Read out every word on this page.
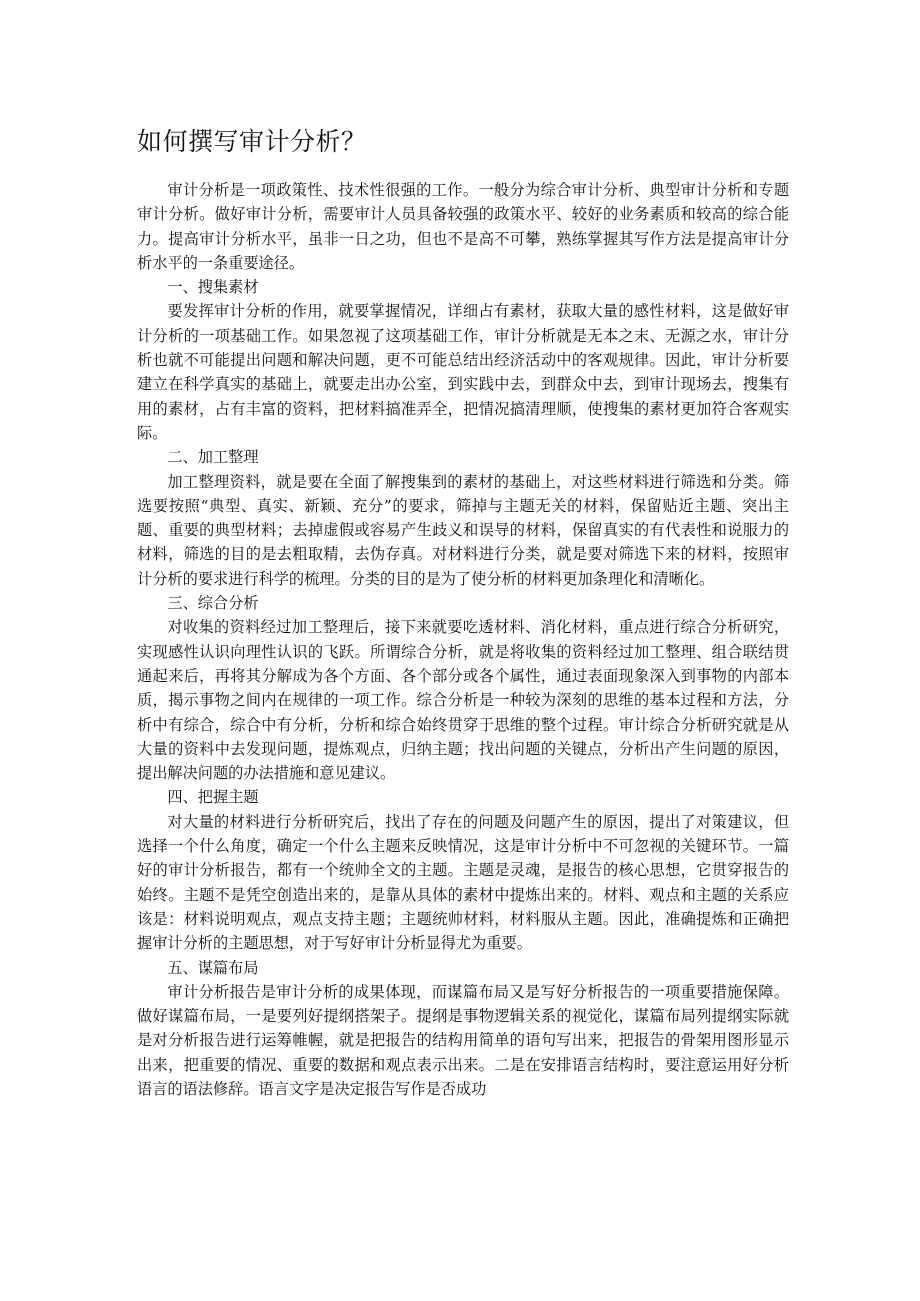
如何撰写审计分析？

审计分析是一项政策性、技术性很强的工作。一般分为综合审计分析、典型审计分析和专题审计分析。做好审计分析，需要审计人员具备较强的政策水平、较好的业务素质和较高的综合能力。提高审计分析水平，虽非一日之功，但也不是高不可攀，熟练掌握其写作方法是提高审计分析水平的一条重要途径。

一、搜集素材

要发挥审计分析的作用，就要掌握情况，详细占有素材，获取大量的感性材料，这是做好审计分析的一项基础工作。如果忽视了这项基础工作，审计分析就是无本之末、无源之水，审计分析也就不可能提出问题和解决问题，更不可能总结出经济活动中的客观规律。因此，审计分析要建立在科学真实的基础上，就要走出办公室，到实践中去，到群众中去，到审计现场去，搜集有用的素材，占有丰富的资料，把材料搞准弄全，把情况搞清理顺，使搜集的素材更加符合客观实际。

二、加工整理

加工整理资料，就是要在全面了解搜集到的素材的基础上，对这些材料进行筛选和分类。筛选要按照“典型、真实、新颖、充分”的要求，筛掉与主题无关的材料，保留贴近主题、突出主题、重要的典型材料；去掉虚假或容易产生歧义和误导的材料，保留真实的有代表性和说服力的材料，筛选的目的是去粗取精，去伪存真。对材料进行分类，就是要对筛选下来的材料，按照审计分析的要求进行科学的梳理。分类的目的是为了使分析的材料更加条理化和清晰化。

三、综合分析

对收集的资料经过加工整理后，接下来就要吃透材料、消化材料，重点进行综合分析研究，实现感性认识向理性认识的飞跃。所谓综合分析，就是将收集的资料经过加工整理、组合联结贯通起来后，再将其分解成为各个方面、各个部分或各个属性，通过表面现象深入到事物的内部本质，揭示事物之间内在规律的一项工作。综合分析是一种较为深刻的思维的基本过程和方法，分析中有综合，综合中有分析，分析和综合始终贯穿于思维的整个过程。审计综合分析研究就是从大量的资料中去发现问题，提炼观点，归纳主题；找出问题的关键点，分析出产生问题的原因，提出解决问题的办法措施和意见建议。

四、把握主题

对大量的材料进行分析研究后，找出了存在的问题及问题产生的原因，提出了对策建议，但选择一个什么角度，确定一个什么主题来反映情况，这是审计分析中不可忽视的关键环节。一篇好的审计分析报告，都有一个统帅全文的主题。主题是灵魂，是报告的核心思想，它贯穿报告的始终。主题不是凭空创造出来的，是靠从具体的素材中提炼出来的。材料、观点和主题的关系应该是：材料说明观点，观点支持主题；主题统帅材料，材料服从主题。因此，准确提炼和正确把握审计分析的主题思想，对于写好审计分析显得尤为重要。

五、谋篇布局

审计分析报告是审计分析的成果体现，而谋篇布局又是写好分析报告的一项重要措施保障。做好谋篇布局，一是要列好提纲搭架子。提纲是事物逻辑关系的视觉化，谋篇布局列提纲实际就是对分析报告进行运筹帷幄，就是把报告的结构用简单的语句写出来，把报告的骨架用图形显示出来，把重要的情况、重要的数据和观点表示出来。二是在安排语言结构时，要注意运用好分析语言的语法修辞。语言文字是决定报告写作是否成功
